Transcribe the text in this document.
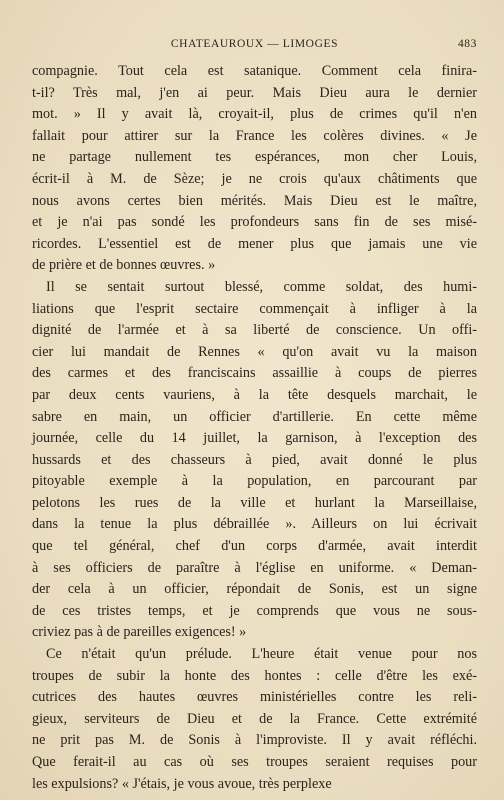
CHATEAUROUX — LIMOGES	483
compagnie. Tout cela est satanique. Comment cela finira-
t-il? Très mal, j'en ai peur. Mais Dieu aura le dernier
mot. » Il y avait là, croyait-il, plus de crimes qu'il n'en
fallait pour attirer sur la France les colères divines. « Je
ne partage nullement tes espérances, mon cher Louis,
écrit-il à M. de Sèze; je ne crois qu'aux châtiments que
nous avons certes bien mérités. Mais Dieu est le maître,
et je n'ai pas sondé les profondeurs sans fin de ses misé-
ricordes. L'essentiel est de mener plus que jamais une vie
de prière et de bonnes œuvres. »
Il se sentait surtout blessé, comme soldat, des humi-
liations que l'esprit sectaire commençait à infliger à la
dignité de l'armée et à sa liberté de conscience. Un offi-
cier lui mandait de Rennes « qu'on avait vu la maison
des carmes et des franciscains assaillie à coups de pierres
par deux cents vauriens, à la tête desquels marchait, le
sabre en main, un officier d'artillerie. En cette même
journée, celle du 14 juillet, la garnison, à l'exception des
hussards et des chasseurs à pied, avait donné le plus
pitoyable exemple à la population, en parcourant par
pelotons les rues de la ville et hurlant la Marseillaise,
dans la tenue la plus débraillée ». Ailleurs on lui écrivait
que tel général, chef d'un corps d'armée, avait interdit
à ses officiers de paraître à l'église en uniforme. « Deman-
der cela à un officier, répondait de Sonis, est un signe
de ces tristes temps, et je comprends que vous ne sous-
criviez pas à de pareilles exigences! »
Ce n'était qu'un prélude. L'heure était venue pour nos
troupes de subir la honte des hontes : celle d'être les exé-
cutrices des hautes œuvres ministérielles contre les reli-
gieux, serviteurs de Dieu et de la France. Cette extrémité
ne prit pas M. de Sonis à l'improviste. Il y avait réfléchi.
Que ferait-il au cas où ses troupes seraient requises pour
les expulsions? « J'étais, je vous avoue, très perplexe
